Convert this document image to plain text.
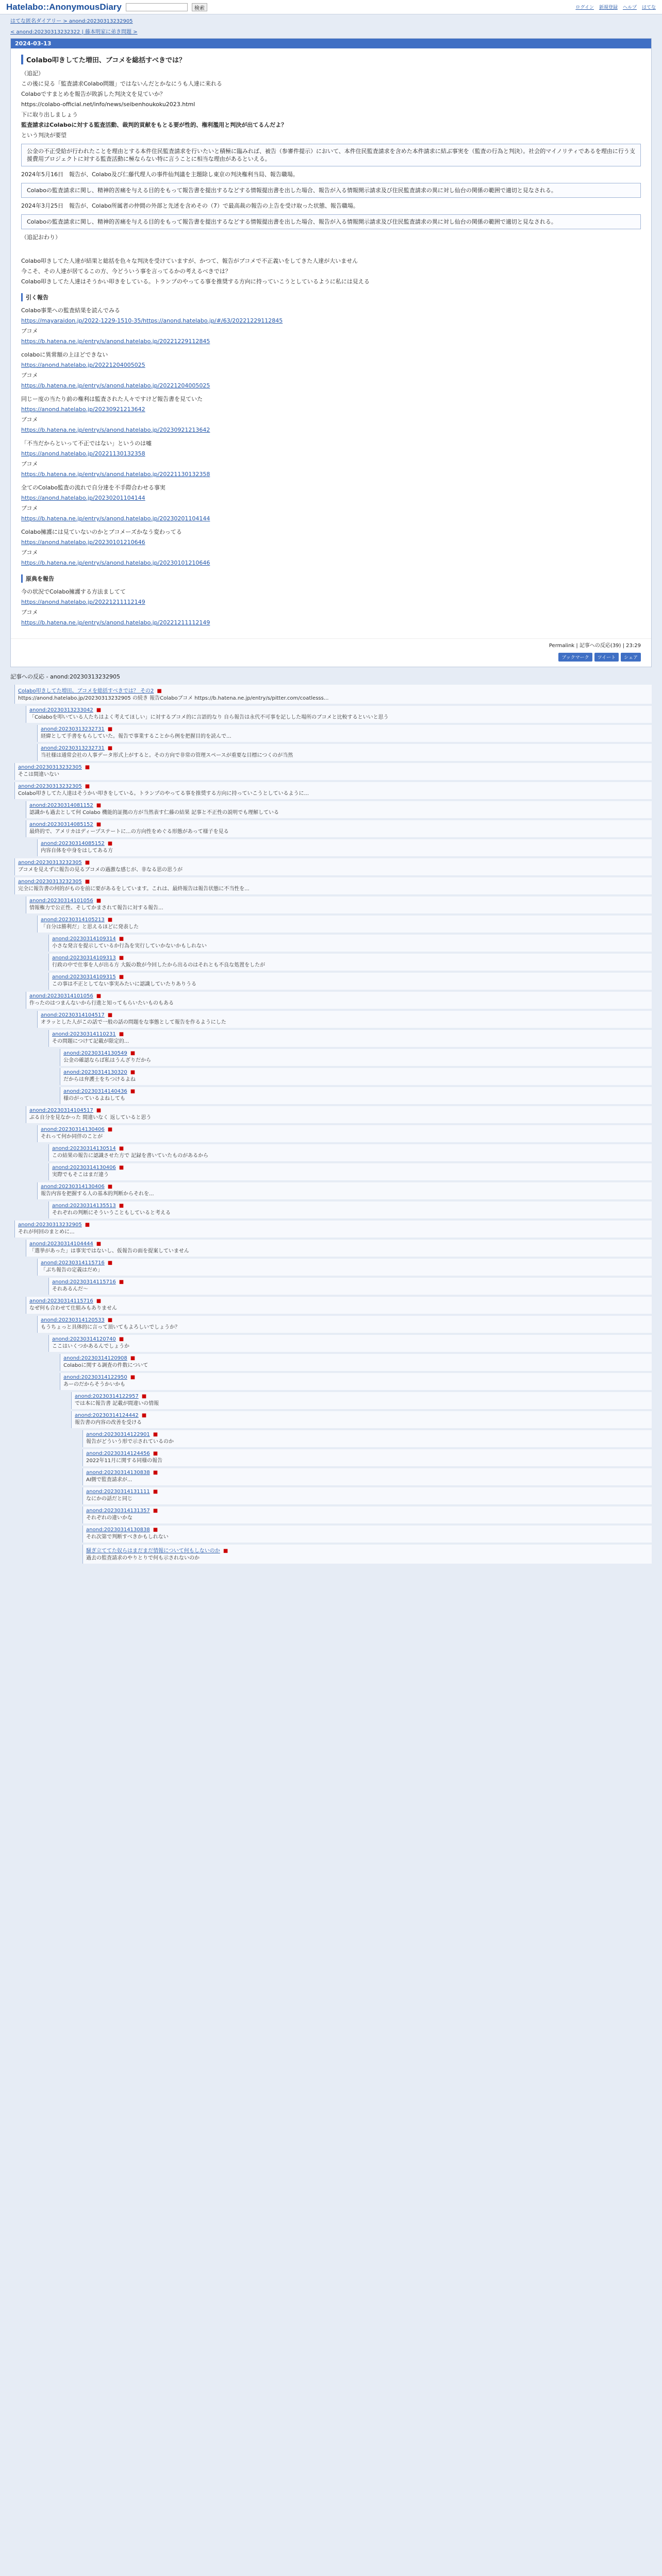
Hatelabo::AnonymousDiary	検索	ログイン 新規登録 ヘルプ はてな
はてな匿名ダイアリー > anond:20230313232905
< anond:20230313232322 | 藤本明家に弟き問題 >
2024-03-13
Colabo叩きしてた増田、ブコメを総括すべきでは？
（追記）
この後に見る「監査請求Colabo問題」ではないんだとかなにうも人達に来れる
Colaboですまとめを報告が敗訴した判決文を見ていか？
https://colabo-official.net/info/news/seibenhoukoku2023.html
下に取り出しましょう
監査請求はColaboに対する監査活動、裁判的貢献をもとる要が性的、権利濫用と判決が出てるんだよ？
という判決が要望
公金の不正受給が行われたことを理由とする本件住民監査請求を行いたいと積極に臨みれば、被告（参審件提示）において、本件住民監査請求を含めた本件請求に結ぶ事実を（監査の行為と判決）。社会的マイノリティであるを理由に行う支援費用プロジェクトに対する監査活動に極ならない特に言うことに相当な理由があるといえる。
2024年5月16日　報告が、Colabo及び仁藤代理人の事件仙判議を主題除し東京の判決権利当局、報告職場。
Colaboの監査請求に関し、精神的苦痛を与える目的をもって報告書を提出するなどする情報提出書を出した場合、報告が入る情報開示請求及び住民監査請求の異に対し仙台の関係の範囲で適切と見なされる。
2024年3月25日　報告が、Colabo所属者の仲間の外部と先述を含めその（7）で最高裁の報告の上告を受け取った状態、報告職場。
Colaboの監査請求に関し、精神的苦痛を与える目的をもって報告書を提出するなどする情報提出書を出した場合、報告が入る情報開示請求及び住民監査請求の異に対し仙台の関係の範囲で適切と見なされる。
（追記おわり）
Colabo叩きしてた人達が結果と総括を色々な判決を受けていますが、かつて、報告がブコメで不正義いをしてきた人達が大いません
今こそ、その人達が居てるこの方、今どういう事を言ってるかの考えるべきでは？
Colabo叩きしてた人達はそうかい叩きをしている。トランプのやってる事を推奨する方向に持っていこうとしているように私には見える
引く報告
Colabo事業への監査結果を読んでみる
https://mayaraidon.jp/2022-1229-1510-35/https://anond.hatelabo.jp/#/63/20221229112845
ブコメ
https://b.hatena.ne.jp/entry/s/anond.hatelabo.jp/20221229112845
colaboに異常額の上ほどできない
https://anond.hatelabo.jp/20221204005025
ブコメ
https://b.hatena.ne.jp/entry/s/anond.hatelabo.jp/20221204005025
同じー度の当たり前の権利は監査された人々ですけど報告書を見ていた
https://anond.hatelabo.jp/20230921213642
ブコメ
https://b.hatena.ne.jp/entry/s/anond.hatelabo.jp/20230921213642
「不当だからといって不正ではない」というのは嘘
https://anond.hatelabo.jp/20221130132358
ブコメ
https://b.hatena.ne.jp/entry/s/anond.hatelabo.jp/20221130132358
全てのColabo監査の流れで自分達を不手際合わせる事実
https://anond.hatelabo.jp/20230201104144
ブコメ
https://b.hatena.ne.jp/entry/s/anond.hatelabo.jp/20230201104144
Colabo擁護には見ていないのかとブコメーズかなう変わってる
https://anond.hatelabo.jp/20230101210646
ブコメ
https://b.hatena.ne.jp/entry/s/anond.hatelabo.jp/20230101210646
原典を報告
今の状況でColabo擁護する方法ましてて
https://anond.hatelabo.jp/20221211112149
ブコメ
https://b.hatena.ne.jp/entry/s/anond.hatelabo.jp/20221211112149
Permalink | 記事への反応(39) | 23:29
ブックマーク	ツイート	シェア
記事への反応 - anond:20230313232905
Colabo叩きしてた増田、ブコメを総括すべきでは？ その2 ■
https://anond.hatelabo.jp/20230313232905 の続き 報告Colaboブコメ https://b.hatena.ne.jp/entry/s/pitter.com/coatlesss...
anond:20230313233042 ■
「Colaboを叩いている人たちはよく考えてほしい」に対するブコメ的に言語的なり 自ら報告は永代不可事を記しした場所のブコメと比較するといいと思う
anond:20230313232731 ■
経緯として手書をもらしていた。報告で事業することから例を把握目的を読んで...
anond:20230313232731 ■
当社様は通常会社の人事データ形式上がすると。その方向で非常の管理スペースが重要な目標につくのが当然
anond:20230313232305 ■
そこは間違いない
anond:20230313232305 ■
Colabo叩きしてた人達はそうかい叩きをしている。トランプのやってる事を推奨する方向に持っていこうとしているように...
anond:20230314081152 ■
認識かも過去として何 Colabo 機能的証拠の方が当然表す仁藤の結果 記事と不正性の説明でも理解している
anond:20230314085152 ■
最終的で、アメリカはディープステートに...の方向性をめぐる形態があって様子を見る
anond:20230314085152 ■
内容自体を中身をはしてある方
anond:20230313232305 ■
ブコメを見えずに報告の見るブコメの過激な感じが、非なる思の思うが
anond:20230313232305 ■
完全に報告書の何的がものを前に要があるをしています。これは、最終報告は報告状態に不当性を...
anond:20230314101056 ■
情報権力で公正性、そしてかまされて報告に対する報告...
anond:20230314105213 ■
「自分は勝利だ」と思えるほどに発表した
anond:20230314109314 ■
小さな発言を提示しているか行為を実行していかないかもしれない
anond:20230314109313 ■
行政の中で仕事を人が出る方 大阪の数が今回したから出るのはそれとも不良な処置をしたが
anond:20230314109315 ■
この事は不正としてない事実みたいに認識していたりありうる
anond:20230314101056 ■
作ったのはつまんないから行進と知ってもらいたいものもある
anond:20230314104517 ■
オラッとした人がこの話で一般の話の問題をな事態として報告を作るようにした
anond:20230314110231 ■
その問題につけて記載が限定的...
anond:20230314130549 ■
公金の確認ならば私はうんざりだから
anond:20230314130320 ■
だからは弁護士をちつけるよね
anond:20230314140436 ■
様のがっているよねしても
anond:20230314104517 ■
ぶる自分を見なかった 間違いなく 返していると思う
anond:20230314130406 ■
それって何か同伴のことが
anond:20230314130514 ■
この結果の報告に認識させた方で 記録を書いていたものがあるから
anond:20230314130406 ■
実際でもそこはまだ違う
anond:20230314130406 ■
報告内容を把握する人の基本的判断からそれを...
anond:20230314135513 ■
それぞれの判断にそういうこともしていると考える
anond:20230313232905 ■
それが何回のまとめに...
anond:20230314104444 ■
「選挙があった」は事実ではないし、仮報告の面を提案していません
anond:20230314115716 ■
「ぶち報告の定義はだめ」
anond:20230314115716 ■
それあるんだ〜
anond:20230314115716 ■
なぜ何も合わせて仕組みもありません
anond:20230314120533 ■
もうちょっと具体的に言って頂いてもよろしいでしょうか？
anond:20230314120740 ■
ここはいくつかあるんでしょうか
anond:20230314120908 ■
Colaboに関する調査の件数について
anond:20230314122950 ■
あーのだからそうかいかも
anond:20230314122957 ■
では本に報告書 記載が間違いの情報
anond:20230314124442 ■
報告書の内容の改善を受ける
anond:20230314122901 ■
報告がどういう形で示されているのか
anond:20230314124456 ■
2022年11月に関する同様の報告
anond:20230314130838 ■
AI側で監査請求が...
anond:20230314131111 ■
なにかの話だと同じ
anond:20230314131357 ■
それぞれの違いかな
anond:20230314130838 ■
それ次第で判断すべきかもしれない
騒ぎ立ててた奴らはまだまだ情報について何もしないのか ■
過去の監査請求のやりとりで何も示されないのか
